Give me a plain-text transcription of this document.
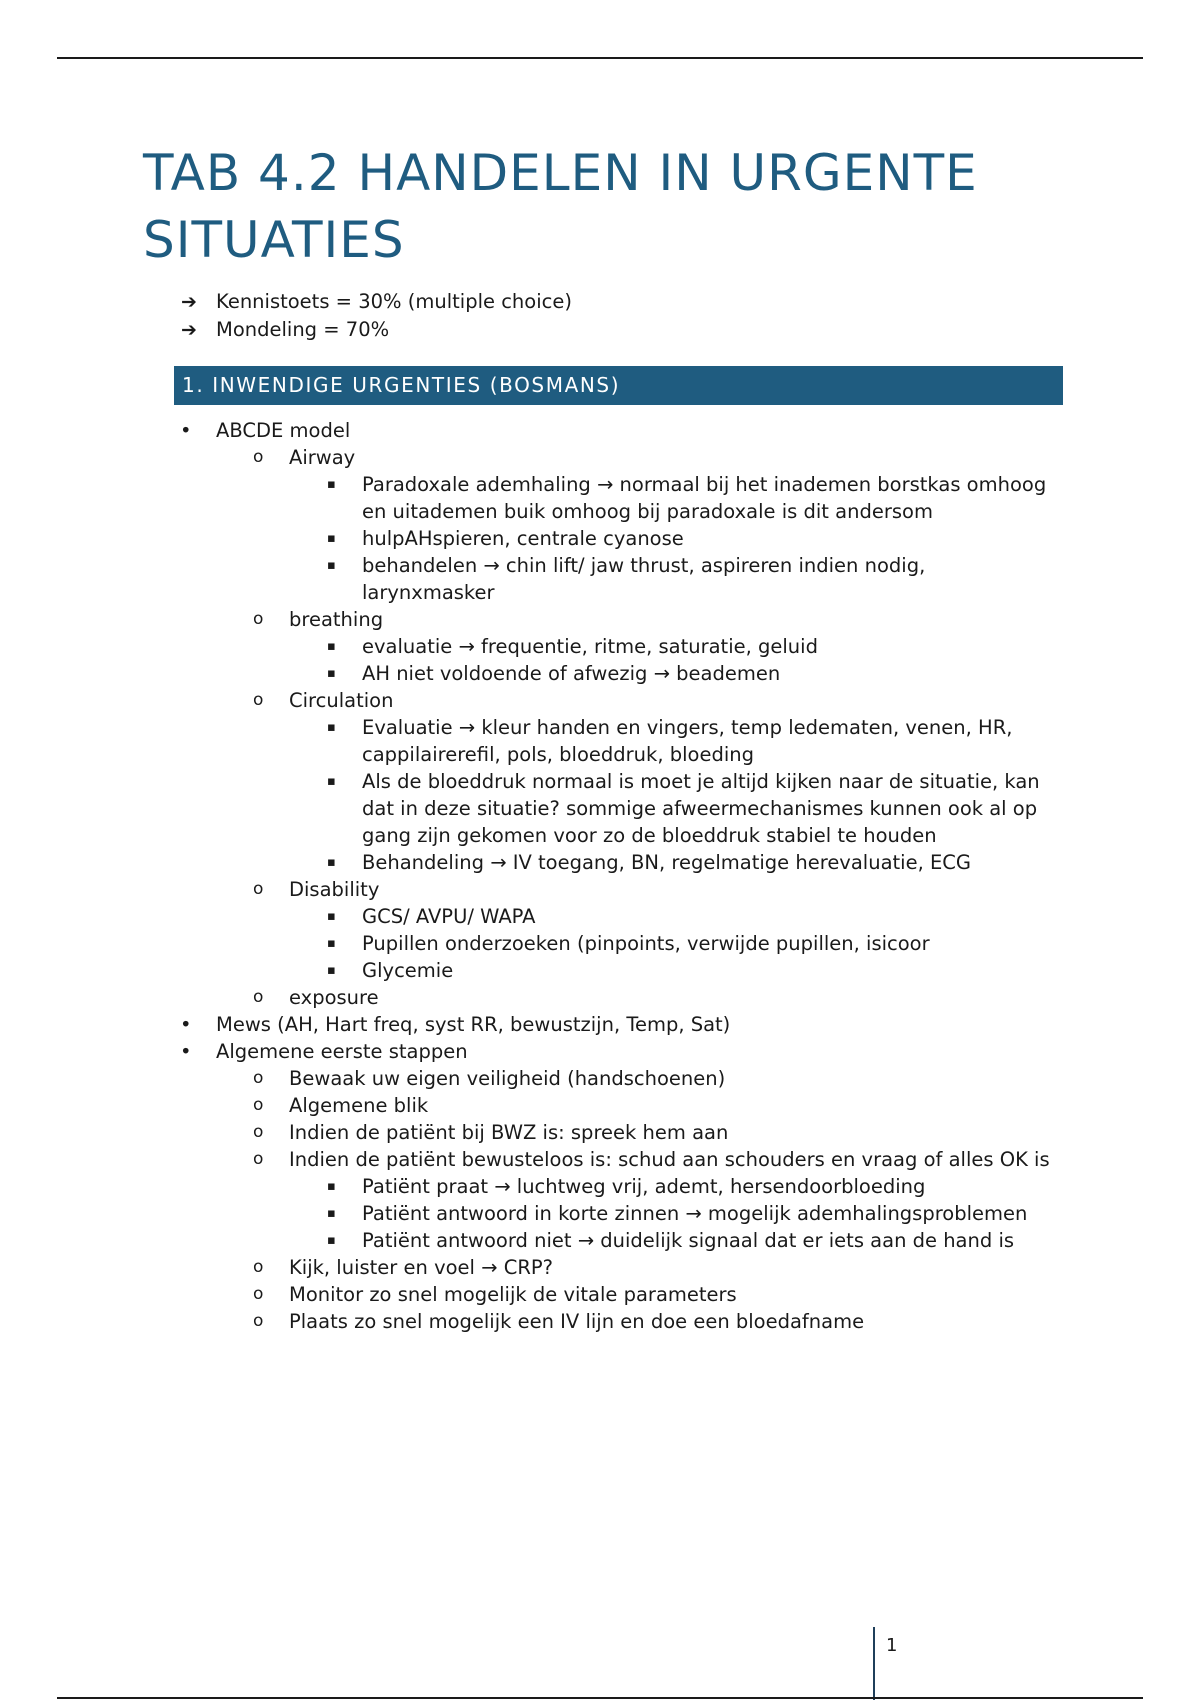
TAB 4.2 HANDELEN IN URGENTE SITUATIES
➔ Kennistoets = 30% (multiple choice)
➔ Mondeling = 70%
1. INWENDIGE URGENTIES (BOSMANS)
• ABCDE model
o Airway
▪ Paradoxale ademhaling → normaal bij het inademen borstkas omhoog en uitademen buik omhoog bij paradoxale is dit andersom
▪ hulpAHspieren, centrale cyanose
▪ behandelen → chin lift/ jaw thrust, aspireren indien nodig, larynxmasker
o breathing
▪ evaluatie → frequentie, ritme, saturatie, geluid
▪ AH niet voldoende of afwezig → beademen
o Circulation
▪ Evaluatie → kleur handen en vingers, temp ledematen, venen, HR, cappilairerefil, pols, bloeddruk, bloeding
▪ Als de bloeddruk normaal is moet je altijd kijken naar de situatie, kan dat in deze situatie? sommige afweermechanismes kunnen ook al op gang zijn gekomen voor zo de bloeddruk stabiel te houden
▪ Behandeling → IV toegang, BN, regelmatige herevaluatie, ECG
o Disability
▪ GCS/ AVPU/ WAPA
▪ Pupillen onderzoeken (pinpoints, verwijde pupillen, isicoor
▪ Glycemie
o exposure
• Mews (AH, Hart freq, syst RR, bewustzijn, Temp, Sat)
• Algemene eerste stappen
o Bewaak uw eigen veiligheid (handschoenen)
o Algemene blik
o Indien de patiënt bij BWZ is: spreek hem aan
o Indien de patiënt bewusteloos is: schud aan schouders en vraag of alles OK is
▪ Patiënt praat → luchtweg vrij, ademt, hersendoorbloeding
▪ Patiënt antwoord in korte zinnen → mogelijk ademhalingsproblemen
▪ Patiënt antwoord niet → duidelijk signaal dat er iets aan de hand is
o Kijk, luister en voel → CRP?
o Monitor zo snel mogelijk de vitale parameters
o Plaats zo snel mogelijk een IV lijn en doe een bloedafname
1
